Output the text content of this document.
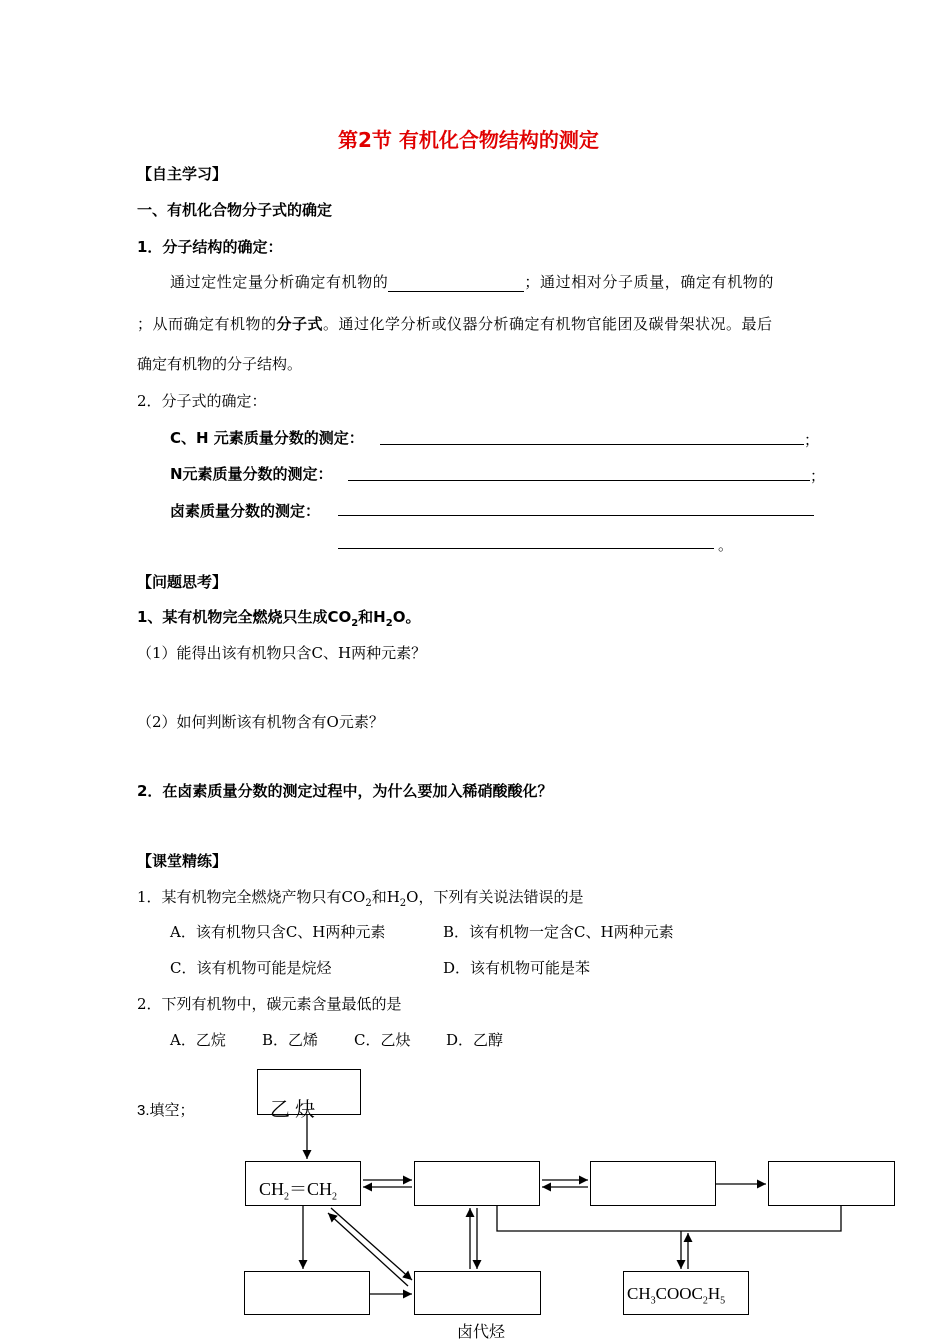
第2节 有机化合物结构的测定
【自主学习】
一、有机化合物分子式的确定
1．分子结构的确定：
通过定性定量分析确定有机物的	；通过相对分子质量，确定有机物的
；从而确定有机物的分子式。通过化学分析或仪器分析确定有机物官能团及碳骨架状况。最后
确定有机物的分子结构。
2．分子式的确定：
C、H 元素质量分数的测定：	；
N元素质量分数的测定：	；
卤素质量分数的测定：
。
【问题思考】
1、某有机物完全燃烧只生成$CO_2$和$H_2O$。
（1）能得出该有机物只含C、H两种元素？
（2）如何判断该有机物含有O元素？
2．在卤素质量分数的测定过程中，为什么要加入稀硝酸酸化？
【课堂精练】
1．某有机物完全燃烧产物只有$CO_2$和$H_2O$，下列有关说法错误的是
A．该有机物只含C、H两种元素	B．该有机物一定含C、H两种元素
C．该有机物可能是烷烃	D．该有机物可能是苯
2．下列有机物中，碳元素含量最低的是
A．乙烷 B．乙烯 C．乙炔 D．乙醇
3.填空；	乙 炔
$CH_2=CH_2$
$CH_3COOC_2H_5$
卤代烃
